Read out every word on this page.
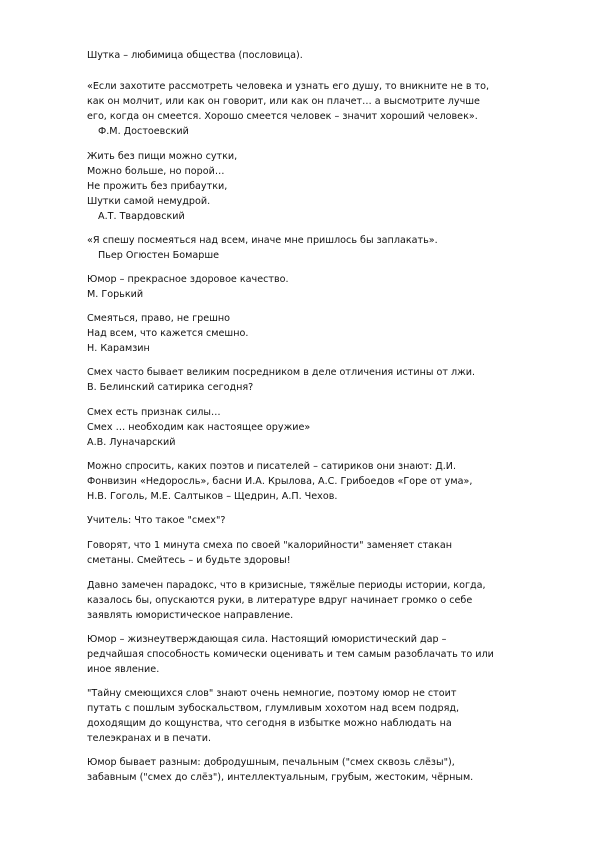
Шутка – любимица общества (пословица).
«Если захотите рассмотреть человека и узнать его душу, то вникните не в то,
как он молчит, или как он говорит, или как он плачет… а высмотрите лучше
его, когда он смеется. Хорошо смеется человек – значит хороший человек».
Ф.М. Достоевский
Жить без пищи можно сутки,
Можно больше, но порой…
Не прожить без прибаутки,
Шутки самой немудрой.
А.Т. Твардовский
«Я спешу посмеяться над всем, иначе мне пришлось бы заплакать».
Пьер Огюстен Бомарше
Юмор – прекрасное здоровое качество.
М. Горький
Смеяться, право, не грешно
Над всем, что кажется смешно.
Н. Карамзин
Смех часто бывает великим посредником в деле отличения истины от лжи.
В. Белинский сатирика сегодня?
Смех есть признак силы…
Смех … необходим как настоящее оружие»
А.В. Луначарский
Можно спросить, каких поэтов и писателей – сатириков они знают: Д.И.
Фонвизин «Недоросль», басни И.А. Крылова, А.С. Грибоедов «Горе от ума»,
Н.В. Гоголь, М.Е. Салтыков – Щедрин, А.П. Чехов.
Учитель: Что такое "смех"?
Говорят, что 1 минута смеха по своей "калорийности" заменяет стакан
сметаны. Смейтесь – и будьте здоровы!
Давно замечен парадокс, что в кризисные, тяжёлые периоды истории, когда,
казалось бы, опускаются руки, в литературе вдруг начинает громко о себе
заявлять юмористическое направление.
Юмор – жизнеутверждающая сила. Настоящий юмористический дар –
редчайшая способность комически оценивать и тем самым разоблачать то или
иное явление.
"Тайну смеющихся слов" знают очень немногие, поэтому юмор не стоит
путать с пошлым зубоскальством, глумливым хохотом над всем подряд,
доходящим до кощунства, что сегодня в избытке можно наблюдать на
телеэкранах и в печати.
Юмор бывает разным: добродушным, печальным ("смех сквозь слёзы"),
забавным ("смех до слёз"), интеллектуальным, грубым, жестоким, чёрным.
